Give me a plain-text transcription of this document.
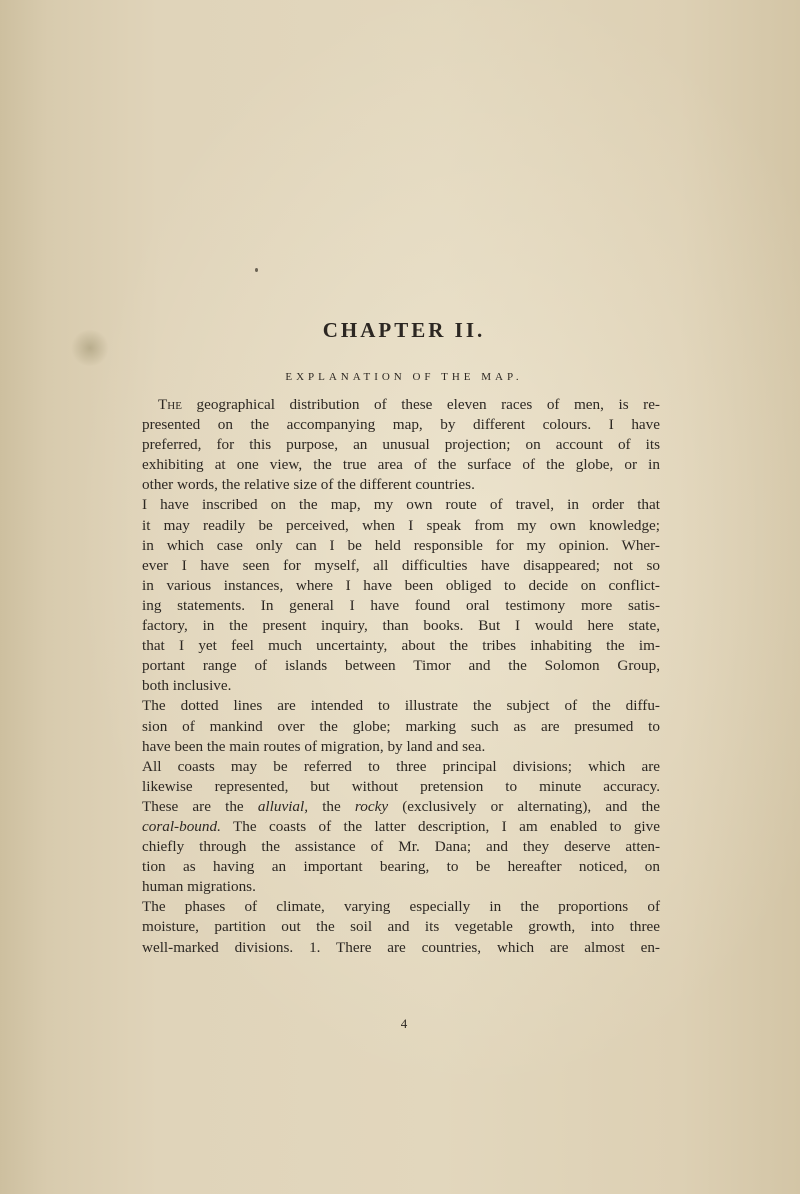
CHAPTER II.
EXPLANATION OF THE MAP.
The geographical distribution of these eleven races of men, is re-
presented on the accompanying map, by different colours. I have
preferred, for this purpose, an unusual projection; on account of its
exhibiting at one view, the true area of the surface of the globe, or in
other words, the relative size of the different countries.
I have inscribed on the map, my own route of travel, in order that
it may readily be perceived, when I speak from my own knowledge;
in which case only can I be held responsible for my opinion. Wher-
ever I have seen for myself, all difficulties have disappeared; not so
in various instances, where I have been obliged to decide on conflict-
ing statements. In general I have found oral testimony more satis-
factory, in the present inquiry, than books. But I would here state,
that I yet feel much uncertainty, about the tribes inhabiting the im-
portant range of islands between Timor and the Solomon Group,
both inclusive.
The dotted lines are intended to illustrate the subject of the diffu-
sion of mankind over the globe; marking such as are presumed to
have been the main routes of migration, by land and sea.
All coasts may be referred to three principal divisions; which are
likewise represented, but without pretension to minute accuracy.
These are the alluvial, the rocky (exclusively or alternating), and the
coral-bound. The coasts of the latter description, I am enabled to give
chiefly through the assistance of Mr. Dana; and they deserve atten-
tion as having an important bearing, to be hereafter noticed, on
human migrations.
The phases of climate, varying especially in the proportions of
moisture, partition out the soil and its vegetable growth, into three
well-marked divisions. 1. There are countries, which are almost en-
4
